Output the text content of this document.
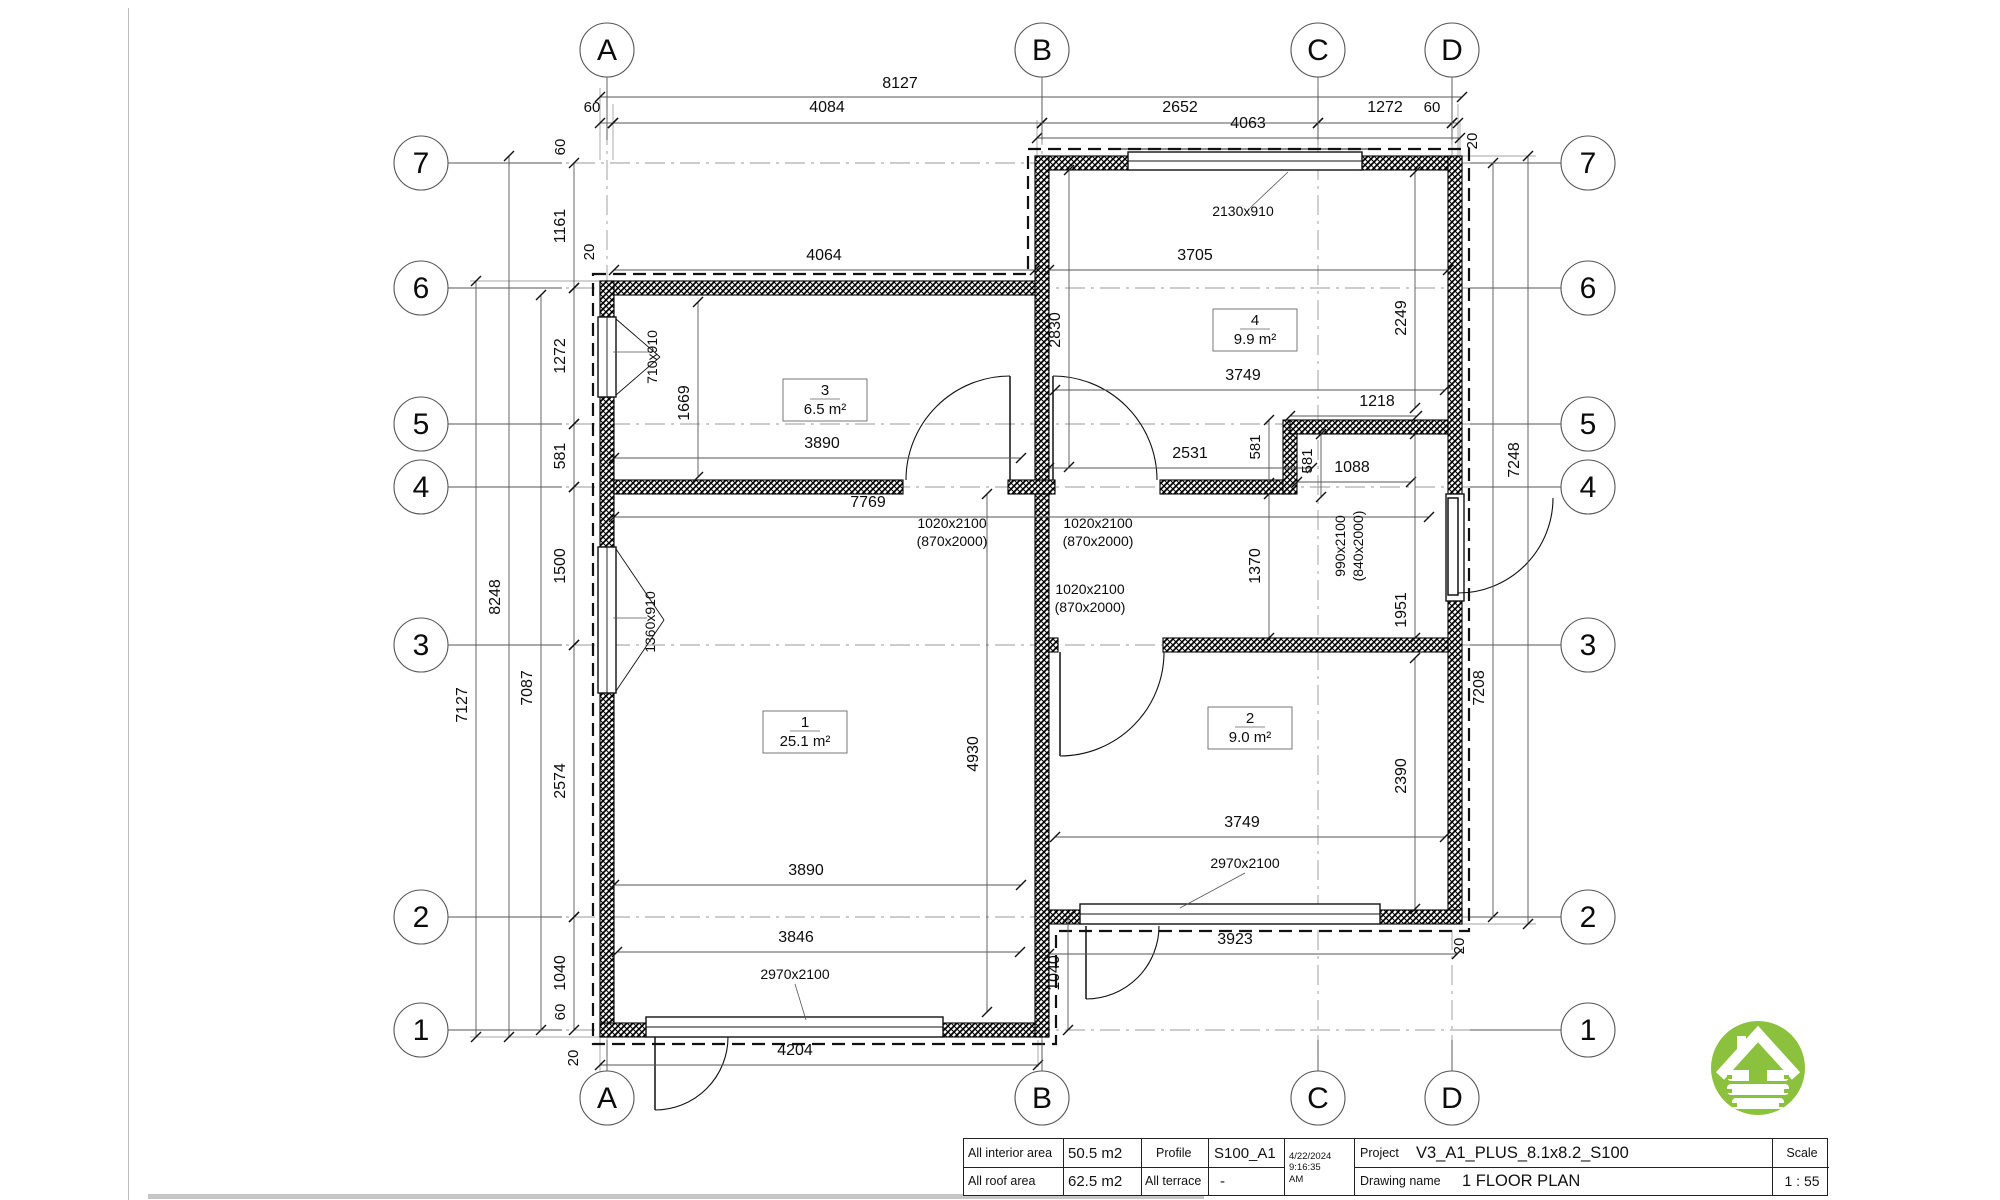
8127
60	4084	2652	1272 60
4063
20
7127
8248
7087
60
1161
20
1272
581
1500
2574
1040
60
20
7208
7248
20
4064	3705
2830	2249
3749
1218
2531	581
581 1088
1669
710x910
1360x910
3890
7769
1020x2100
(870x2000)
1020x2100
(870x2000)	990x2100 (840x2000)
1370
1951
1020x2100
(870x2000)
4930
3890
2390
3749
2970x2100
3846
2970x2100	1040
3923
4204
2130x910
A
A
B
B
C
C
D
D
7	7
6	6
5	5
4	4
3	3
2	2
1	1
1
25.1 m²
2
9.0 m²
3
6.5 m²
4
9.9 m²
All interior area 50.5 m2	Profile S100_A1	Project V3_A1_PLUS_8.1x8.2_S100	Scale
All roof area 62.5 m2 All terrace -	Drawing name 1 FLOOR PLAN	1 : 55
4/22/2024
9:16:35
AM
